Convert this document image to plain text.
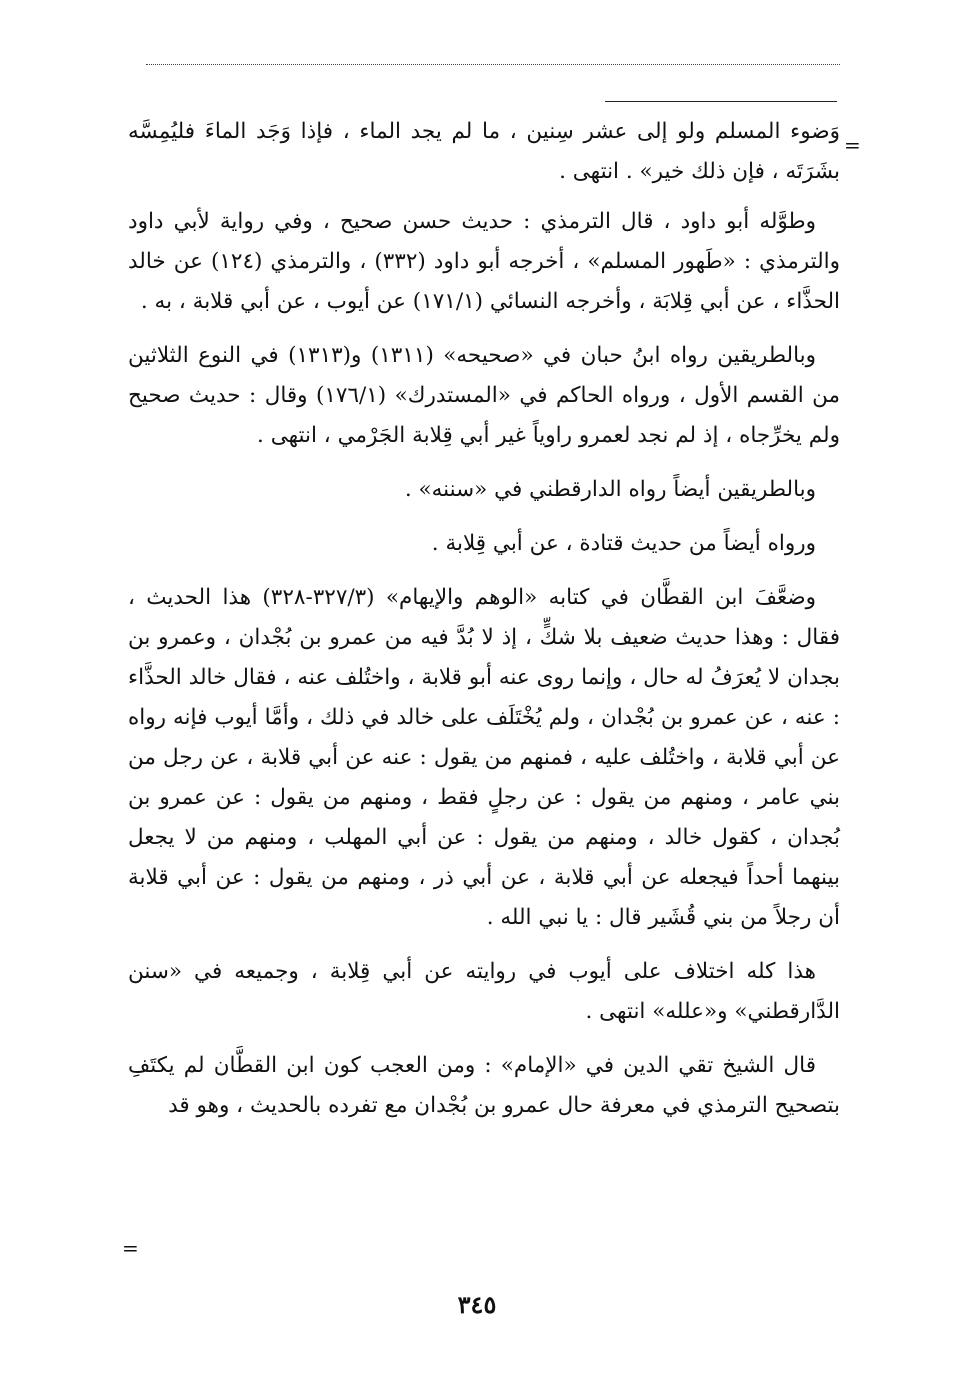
=

وَضوء المسلم ولو إلى عشر سِنين ، ما لم يجد الماء ، فإذا وَجَد الماءَ فليُمِسَّه بشَرَتَه ، فإن ذلك خير» . انتهى .

وطوَّله أبو داود ، قال الترمذي : حديث حسن صحيح ، وفي رواية لأبي داود والترمذي : «طَهور المسلم» ، أخرجه أبو داود (٣٣٢) ، والترمذي (١٢٤) عن خالد الحذَّاء ، عن أبي قِلابَة ، وأخرجه النسائي (١٧١/١) عن أيوب ، عن أبي قلابة ، به .

وبالطريقين رواه ابنُ حبان في «صحيحه» (١٣١١) و(١٣١٣) في النوع الثلاثين من القسم الأول ، ورواه الحاكم في «المستدرك» (١٧٦/١) وقال : حديث صحيح ولم يخرِّجاه ، إذ لم نجد لعمرو راوياً غير أبي قِلابة الجَرْمي ، انتهى .

وبالطريقين أيضاً رواه الدارقطني في «سننه» .

ورواه أيضاً من حديث قتادة ، عن أبي قِلابة .

وضعَّفَ ابن القطَّان في كتابه «الوهم والإيهام» (٣٢٧/٣-٣٢٨) هذا الحديث ، فقال : وهذا حديث ضعيف بلا شكٍّ ، إذ لا بُدَّ فيه من عمرو بن بُجْدان ، وعمرو بن بجدان لا يُعرَفُ له حال ، وإنما روى عنه أبو قلابة ، واختُلف عنه ، فقال خالد الحذَّاء : عنه ، عن عمرو بن بُجْدان ، ولم يُخْتَلَف على خالد في ذلك ، وأمَّا أيوب فإنه رواه عن أبي قلابة ، واختُلف عليه ، فمنهم من يقول : عنه عن أبي قلابة ، عن رجل من بني عامر ، ومنهم من يقول : عن رجلٍ فقط ، ومنهم من يقول : عن عمرو بن بُجدان ، كقول خالد ، ومنهم من يقول : عن أبي المهلب ، ومنهم من لا يجعل بينهما أحداً فيجعله عن أبي قلابة ، عن أبي ذر ، ومنهم من يقول : عن أبي قلابة أن رجلاً من بني قُشَير قال : يا نبي الله .

هذا كله اختلاف على أيوب في روايته عن أبي قِلابة ، وجميعه في «سنن الدَّارقطني» و«علله» انتهى .

قال الشيخ تقي الدين في «الإمام» : ومن العجب كون ابن القطَّان لم يكتَفِ بتصحيح الترمذي في معرفة حال عمرو بن بُجْدان مع تفرده بالحديث ، وهو قد

=
٣٤٥
